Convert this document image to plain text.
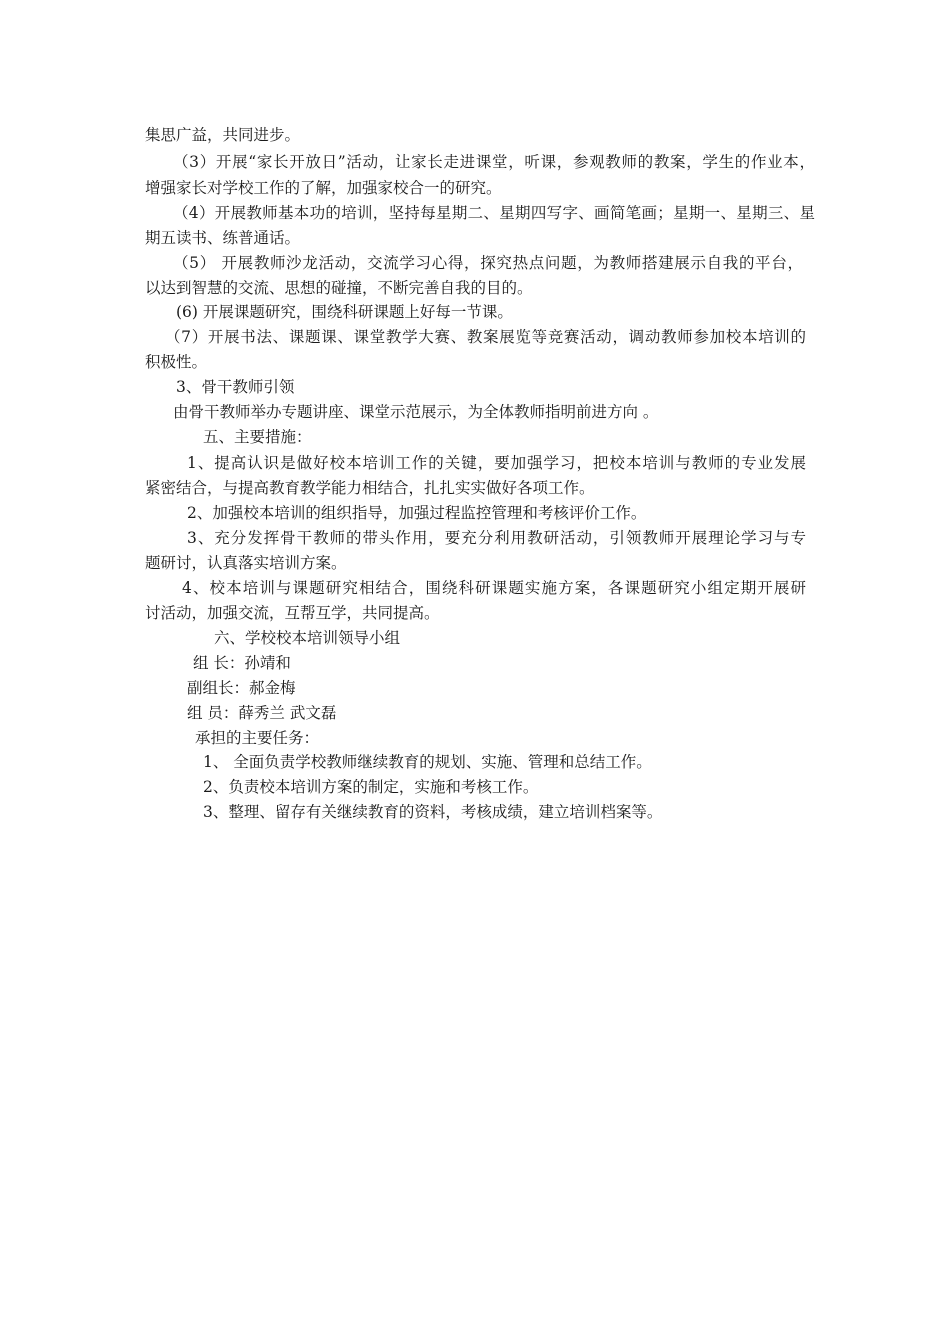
集思广益，共同进步。
（3）开展“家长开放日”活动，让家长走进课堂，听课，参观教师的教案，学生的作业本，
增强家长对学校工作的了解，加强家校合一的研究。
（4）开展教师基本功的培训，坚持每星期二、星期四写字、画简笔画；星期一、星期三、星
期五读书、练普通话。
（5） 开展教师沙龙活动，交流学习心得，探究热点问题，为教师搭建展示自我的平台，
以达到智慧的交流、思想的碰撞，不断完善自我的目的。
(6) 开展课题研究，围绕科研课题上好每一节课。
（7）开展书法、课题课、课堂教学大赛、教案展览等竞赛活动，调动教师参加校本培训的
积极性。
3、骨干教师引领
由骨干教师举办专题讲座、课堂示范展示，为全体教师指明前进方向 。
五、主要措施：
1、提高认识是做好校本培训工作的关键，要加强学习，把校本培训与教师的专业发展
紧密结合，与提高教育教学能力相结合，扎扎实实做好各项工作。
2、加强校本培训的组织指导，加强过程监控管理和考核评价工作。
3、充分发挥骨干教师的带头作用，要充分利用教研活动，引领教师开展理论学习与专
题研讨，认真落实培训方案。
4、校本培训与课题研究相结合，围绕科研课题实施方案，各课题研究小组定期开展研
讨活动，加强交流，互帮互学，共同提高。
六、学校校本培训领导小组
组 长：孙靖和
副组长：郝金梅
组 员：薛秀兰 武文磊
承担的主要任务：
1、 全面负责学校教师继续教育的规划、实施、管理和总结工作。
2、负责校本培训方案的制定，实施和考核工作。
3、整理、留存有关继续教育的资料，考核成绩，建立培训档案等。
